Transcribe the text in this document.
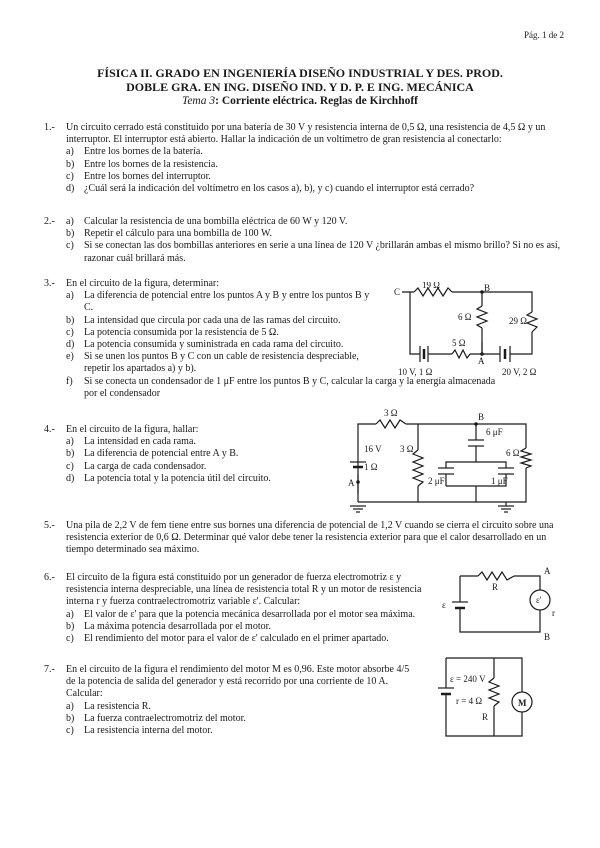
Pág. 1 de 2
FÍSICA II. GRADO EN INGENIERÍA DISEÑO INDUSTRIAL Y DES. PROD.
DOBLE GRA. EN ING. DISEÑO IND. Y D. P. E ING. MECÁNICA
Tema 3: Corriente eléctrica. Reglas de Kirchhoff
1.-	Un circuito cerrado está constituido por una batería de 30 V y resistencia interna de 0,5 Ω, una resistencia de 4,5 Ω y un interruptor. El interruptor está abierto. Hallar la indicación de un voltímetro de gran resistencia al conectarlo:
a)	Entre los bornes de la batería.
b) Entre los bornes de la resistencia.
c)	Entre los bornes del interruptor.
d) ¿Cuál será la indicación del voltímetro en los casos a), b), y c) cuando el interruptor está cerrado?
2.-	a)	Calcular la resistencia de una bombilla eléctrica de 60 W y 120 V.
b) Repetir el cálculo para una bombilla de 100 W.
c)	Si se conectan las dos bombillas anteriores en serie a una línea de 120 V ¿brillarán ambas el mismo brillo? Si no es así, razonar cuál brillará más.
3.-	En el circuito de la figura, determinar:
a)	La diferencia de potencial entre los puntos A y B y entre los puntos B y C.
b) La intensidad que circula por cada una de las ramas del circuito.
c)	La potencia consumida por la resistencia de 5 Ω.
d) La potencia consumida y suministrada en cada rama del circuito.
e)	Si se unen los puntos B y C con un cable de resistencia despreciable, repetir los apartados a) y b).
f)	Si se conecta un condensador de 1 μF entre los puntos B y C, calcular la carga y la energía almacenada por el condensador
C
19 Ω	B
6 Ω	29 Ω
5 Ω
A
10 V, 1 Ω	20 V, 2 Ω
4.-	En el circuito de la figura, hallar:
a)	La intensidad en cada rama.
b) La diferencia de potencial entre A y B.
c)	La carga de cada condensador.
d) La potencia total y la potencia útil del circuito.
3 Ω	B
6 μF
3 Ω	6 Ω
16 V
1 Ω
A	2 μF	1 μF
5.-	Una pila de 2,2 V de fem tiene entre sus bornes una diferencia de potencial de 1,2 V cuando se cierra el circuito sobre una resistencia exterior de 0,6 Ω. Determinar qué valor debe tener la resistencia exterior para que el calor desarrollado en un tiempo determinado sea máximo.
6.-	El circuito de la figura está constituido por un generador de fuerza electromotriz ε y resistencia interna despreciable, una línea de resistencia total R y un motor de resistencia interna r y fuerza contraelectromotriz variable ε'. Calcular:
a)	El valor de ε' para que la potencia mecánica desarrollada por el motor sea máxima.
b) La máxima potencia desarrollada por el motor.
c)	El rendimiento del motor para el valor de ε' calculado en el primer apartado.
A
B
R
ε	ε'
r
7.-	En el circuito de la figura el rendimiento del motor M es 0,96. Este motor absorbe 4/5 de la potencia de salida del generador y está recorrido por una corriente de 10 A. Calcular:
a)	La resistencia R.
b) La fuerza contraelectromotriz del motor.
c)	La resistencia interna del motor.
M
ε = 240 V
r = 4 Ω
R
